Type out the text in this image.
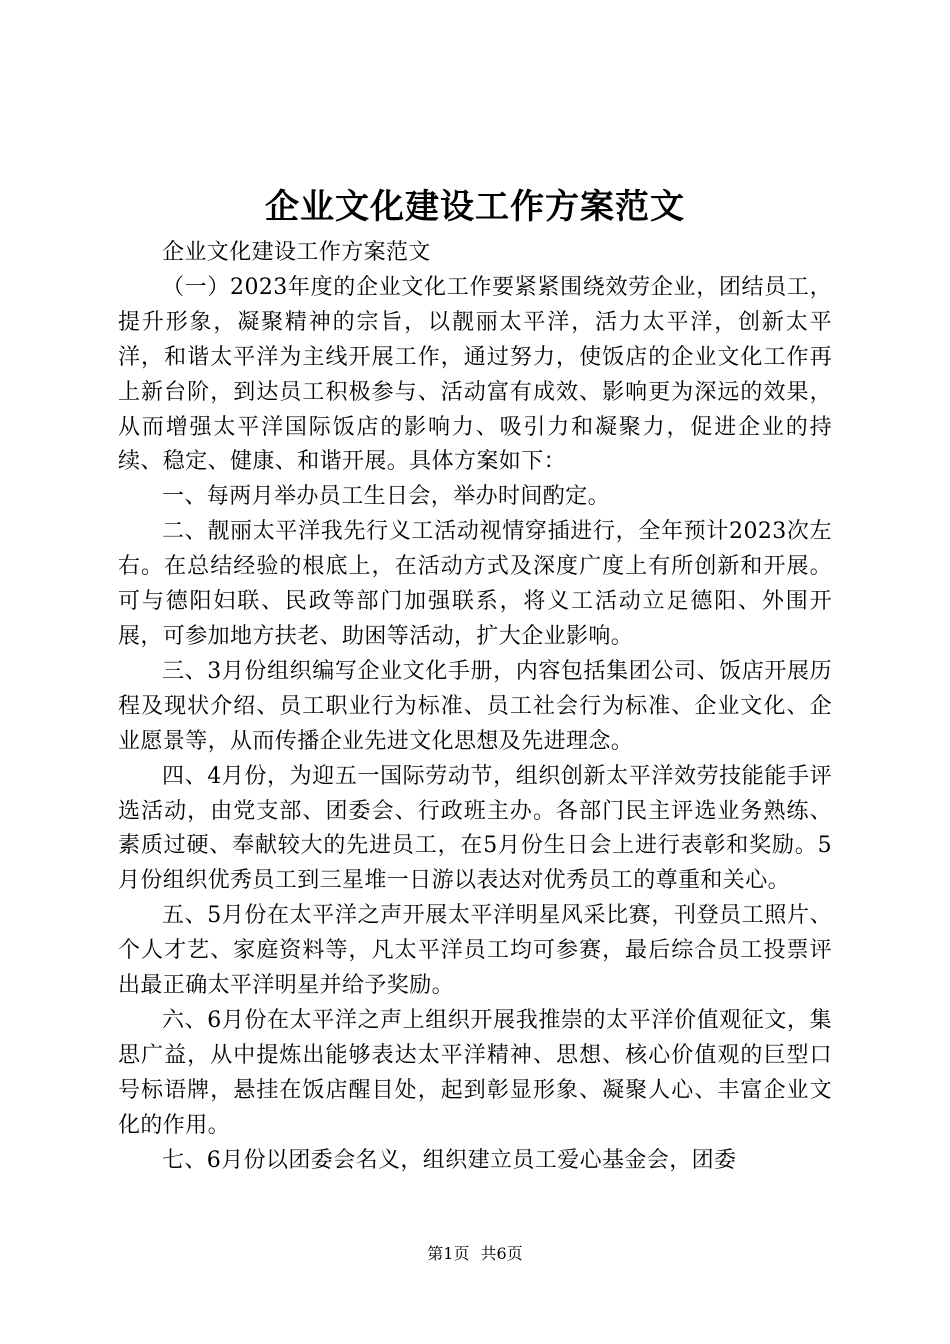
企业文化建设工作方案范文

企业文化建设工作方案范文

（一）2023年度的企业文化工作要紧紧围绕效劳企业，团结员工，提升形象，凝聚精神的宗旨，以靓丽太平洋，活力太平洋，创新太平洋，和谐太平洋为主线开展工作，通过努力，使饭店的企业文化工作再上新台阶，到达员工积极参与、活动富有成效、影响更为深远的效果，从而增强太平洋国际饭店的影响力、吸引力和凝聚力，促进企业的持续、稳定、健康、和谐开展。具体方案如下：

一、每两月举办员工生日会，举办时间酌定。

二、靓丽太平洋我先行义工活动视情穿插进行，全年预计2023次左右。在总结经验的根底上，在活动方式及深度广度上有所创新和开展。可与德阳妇联、民政等部门加强联系，将义工活动立足德阳、外围开展，可参加地方扶老、助困等活动，扩大企业影响。

三、3月份组织编写企业文化手册，内容包括集团公司、饭店开展历程及现状介绍、员工职业行为标准、员工社会行为标准、企业文化、企业愿景等，从而传播企业先进文化思想及先进理念。

四、4月份，为迎五一国际劳动节，组织创新太平洋效劳技能能手评选活动，由党支部、团委会、行政班主办。各部门民主评选业务熟练、素质过硬、奉献较大的先进员工，在5月份生日会上进行表彰和奖励。5月份组织优秀员工到三星堆一日游以表达对优秀员工的尊重和关心。

五、5月份在太平洋之声开展太平洋明星风采比赛，刊登员工照片、个人才艺、家庭资料等，凡太平洋员工均可参赛，最后综合员工投票评出最正确太平洋明星并给予奖励。

六、6月份在太平洋之声上组织开展我推崇的太平洋价值观征文，集思广益，从中提炼出能够表达太平洋精神、思想、核心价值观的巨型口号标语牌，悬挂在饭店醒目处，起到彰显形象、凝聚人心、丰富企业文化的作用。

七、6月份以团委会名义，组织建立员工爱心基金会，团委

第1页 共6页
